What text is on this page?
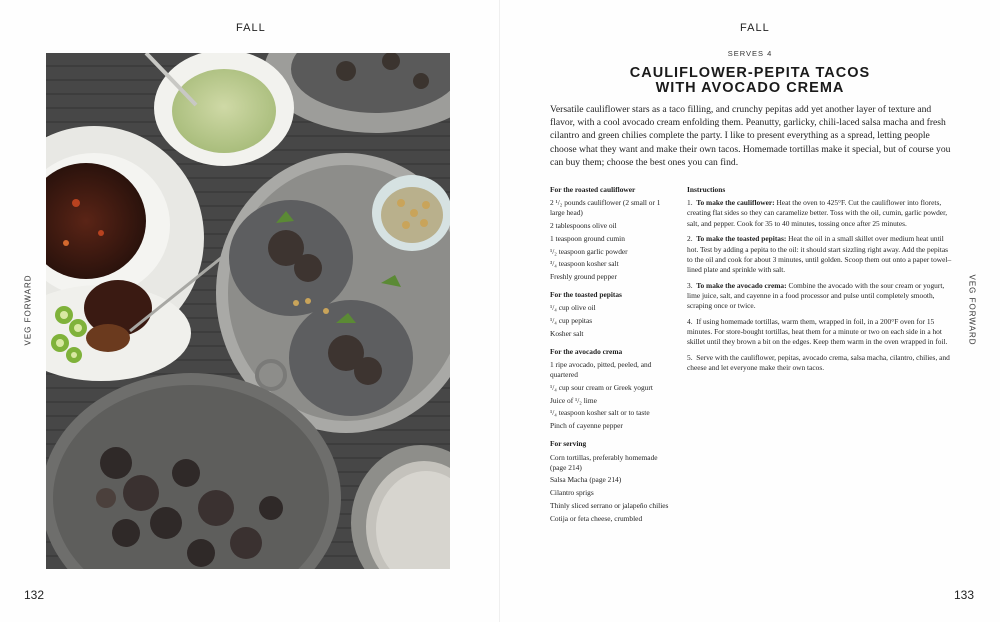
FALL
VEG FORWARD
132
FALL
VEG FORWARD
SERVES 4
CAULIFLOWER-PEPITA TACOS
WITH AVOCADO CREMA

Versatile cauliflower stars as a taco filling, and crunchy pepitas add yet another layer of texture and flavor, with a cool avocado cream enfolding them. Peanutty, garlicky, chili-laced salsa macha and fresh cilantro and green chilies complete the party. I like to present everything as a spread, letting people choose what they want and make their own tacos. Homemade tortillas make it special, but of course you can buy them; choose the best ones you can find.

For the roasted cauliflower
2 ¹/₂ pounds cauliflower (2 small or 1 large head)
2 tablespoons olive oil
1 teaspoon ground cumin
¹/₂ teaspoon garlic powder
³/₄ teaspoon kosher salt
Freshly ground pepper
For the toasted pepitas
¹/₄ cup olive oil
¹/₄ cup pepitas
Kosher salt
For the avocado crema
1 ripe avocado, pitted, peeled, and quartered
¹/₄ cup sour cream or Greek yogurt
Juice of ¹/₂ lime
¹/₄ teaspoon kosher salt or to taste
Pinch of cayenne pepper
For serving
Corn tortillas, preferably homemade (page 214)
Salsa Macha (page 214)
Cilantro sprigs
Thinly sliced serrano or jalapeño chilies
Cotija or feta cheese, crumbled
Instructions

1. To make the cauliflower: Heat the oven to 425°F. Cut the cauliflower into florets, creating flat sides so they can caramelize better. Toss with the oil, cumin, garlic powder, salt, and pepper. Cook for 35 to 40 minutes, tossing once after 25 minutes.

2. To make the toasted pepitas: Heat the oil in a small skillet over medium heat until hot. Test by adding a pepita to the oil: it should start sizzling right away. Add the pepitas to the oil and cook for about 3 minutes, until golden. Scoop them out onto a paper towel–lined plate and sprinkle with salt.

3. To make the avocado crema: Combine the avocado with the sour cream or yogurt, lime juice, salt, and cayenne in a food processor and pulse until completely smooth, scraping once or twice.

4. If using homemade tortillas, warm them, wrapped in foil, in a 200°F oven for 15 minutes. For store-bought tortillas, heat them for a minute or two on each side in a hot skillet until they brown a bit on the edges. Keep them warm in the oven wrapped in foil.

5. Serve with the cauliflower, pepitas, avocado crema, salsa macha, cilantro, chilies, and cheese and let everyone make their own tacos.

133
